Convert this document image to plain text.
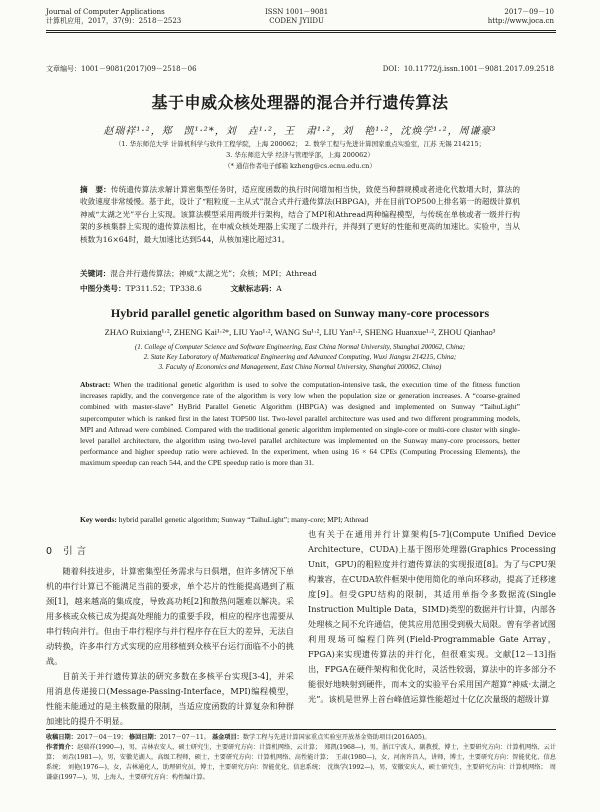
Journal of Computer Applications
计算机应用，2017，37(9)：2518－2523
ISSN 1001－9081
CODEN JYIIDU
2017－09－10
http://www.joca.cn
文章编号：1001－9081(2017)09－2518－06	DOI：10.11772/j.issn.1001－9081.2017.09.2518
基于申威众核处理器的混合并行遗传算法
赵瑞祥¹·²，郑　凯¹·²*，刘　垚¹·²，王　肃¹·²，刘　艳¹·²，沈焕学¹·²，周谦豪³
（1. 华东师范大学 计算机科学与软件工程学院，上海 200062；　2. 数学工程与先进计算国家重点实验室，江苏 无锡 214215；
3. 华东师范大学 经济与管理学部，上海 200062）
（* 通信作者电子邮箱 kzheng@cs.ecnu.edu.cn）
摘　要：传统遗传算法求解计算密集型任务时，适应度函数的执行时间增加相当快，致使当种群规模或者进化代数增大时，算法的收敛速度非常缓慢。基于此，设计了“粗粒度－主从式”混合式并行遗传算法(HBPGA)，并在目前TOP500上排名第一的超级计算机神威“太湖之光”平台上实现。该算法模型采用两级并行架构，结合了MPI和Athread两种编程模型，与传统在单核或者一级并行构架的多核集群上实现的遗传算法相比，在申威众核处理器上实现了二级并行，并得到了更好的性能和更高的加速比。实验中，当从核数为16×64时，最大加速比达到544，从核加速比超过31。
关键词：混合并行遗传算法；神威“太湖之光”；众核；MPI；Athread
中图分类号：TP311.52；TP338.6	文献标志码：A
Hybrid parallel genetic algorithm based on Sunway many-core processors
ZHAO Ruixiang¹·², ZHENG Kai¹·²*, LIU Yao¹·², WANG Su¹·², LIU Yan¹·², SHENG Huanxue¹·², ZHOU Qianhao³
(1. College of Computer Science and Software Engineering, East China Normal University, Shanghai 200062, China;
2. State Key Laboratory of Mathematical Engineering and Advanced Computing, Wuxi Jiangsu 214215, China;
3. Faculty of Economics and Management, East China Normal University, Shanghai 200062, China)
Abstract: When the traditional genetic algorithm is used to solve the computation-intensive task, the execution time of the fitness function increases rapidly, and the convergence rate of the algorithm is very low when the population size or generation increases. A “coarse-grained combined with master-slave” HyBrid Parallel Genetic Algorithm (HBPGA) was designed and implemented on Sunway “TaihuLight” supercomputer which is ranked first in the latest TOP500 list. Two-level parallel architecture was used and two different programming models, MPI and Athread were combined. Compared with the traditional genetic algorithm implemented on single-core or multi-core cluster with single-level parallel architecture, the algorithm using two-level parallel architecture was implemented on the Sunway many-core processors, better performance and higher speedup ratio were achieved. In the experiment, when using 16 × 64 CPEs (Computing Processing Elements), the maximum speedup can reach 544, and the CPE speedup ratio is more than 31.
Key words: hybrid parallel genetic algorithm; Sunway “TaihuLight”; many-core; MPI; Athread
0 引言

随着科技进步，计算密集型任务需求与日俱增，但许多情况下单机的串行计算已不能满足当前的要求，单个芯片的性能提高遇到了瓶颈[1]，越来越高的集成度，导致高功耗[2]和散热问题难以解决。采用多核或众核已成为提高处理能力的重要手段，相应的程序也需要从串行转向并行。但由于串行程序与并行程序存在巨大的差异，无法自动转换，许多串行方式实现的应用移植到众核平台运行面临不小的挑战。

目前关于并行遗传算法的研究多数在多核平台实现[3-4]，并采用消息传递接口(Message-Passing-Interface，MPI)编程模型，性能未能通过的是主核数量的限制，当适应度函数的计算复杂和种群加速比的提升不明显。

也有关于在通用并行计算架构[5-7](Compute Unified Device Architecture，CUDA)上基于图形处理器(Graphics Processing Unit，GPU)的粗粒度并行遗传算法的实现报道[8]。为了与CPU架构兼容，在CUDA软件框架中使用简化的单向环移动，提高了迁移速度[9]。但受GPU结构的限制，其适用单指令多数据流(Single Instruction Multiple Data，SIMD)类型的数据并行计算，内部各处理核之间不允许通信，使其应用范围受到极大局限。曾有学者试图利用现场可编程门阵列(Field-Programmable Gate Array，FPGA)来实现遗传算法的并行化，但很难实现。文献[12－13]指出，FPGA在硬件架构和优化时，灵活性较弱，算法中的许多部分不能很好地映射到硬件，而本文的实验平台采用国产超算“神威·太湖之光”。该机是世界上首台峰值运算性能超过十亿亿次量级的超级计算

收稿日期：2017－04－19； 修回日期：2017－07－11。 基金项目：数学工程与先进计算国家重点实验室开放基金资助项目(2016A05)。
作者简介：赵瑞祥(1990—)，男，吉林农安人，硕士研究生，主要研究方向：计算机网络、云计算；　郑凯(1968—)，男，浙江宁波人，副教授，博士，主要研究方向：计算机网络、云计算；　刘垚(1981—)，男，安徽芜湖人，高级工程师，硕士，主要研究方向：计算机网络、高性能计算；　王肃(1980—)，女，河南许昌人，讲师，博士，主要研究方向：智能优化、信息系统；　刘艳(1976—)，女，吉林通化人，助理研究员，博士，主要研究方向：智能优化、信息系统；　沈焕学(1992—)，男，安徽安庆人，硕士研究生，主要研究方向：计算机网络；　周谦豪(1997—)，男，上海人，主要研究方向：构性编计算。
